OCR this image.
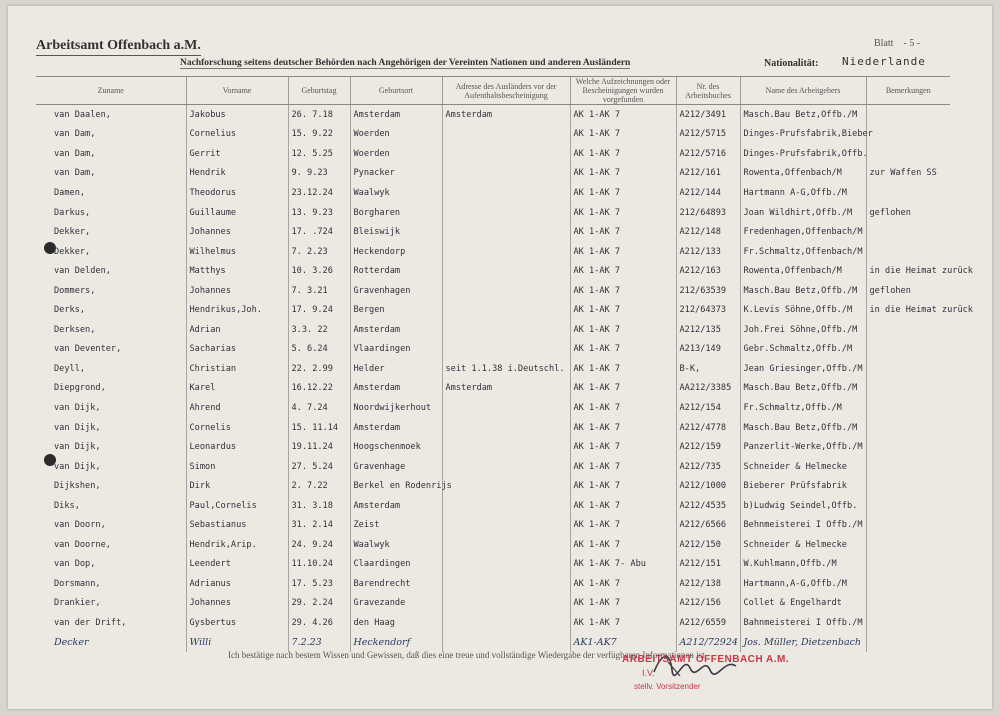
Arbeitsamt Offenbach a.M.
Nachforschung seitens deutscher Behörden nach Angehörigen der Vereinten Nationen und anderen Ausländern
Blatt - 5 -
Nationalität: Niederlande
Zuname	Vorname	Geburtstag	Geburtsort	Adresse des Ausländers vor der Aufenthaltsbescheinigung	Welche Aufzeichnungen oder Bescheinigungen wurden vorgefunden	Nr. des Arbeitsbuches	Name des Arbeitgebers	Bemerkungen
van Daalen,	Jakobus	26. 7.18	Amsterdam	Amsterdam	AK 1-AK 7	A212/3491	Masch.Bau Betz,Offb./M	
van Dam,	Cornelius	15. 9.22	Woerden		AK 1-AK 7	A212/5715	Dinges-Prufsfabrik,Bieber	
van Dam,	Gerrit	12. 5.25	Woerden		AK 1-AK 7	A212/5716	Dinges-Prufsfabrik,Offb.	
van Dam,	Hendrik	9. 9.23	Pynacker		AK 1-AK 7	A212/161	Rowenta,Offenbach/M	zur Waffen SS
Damen,	Theodorus	23.12.24	Waalwyk		AK 1-AK 7	A212/144	Hartmann A-G,Offb./M	
Darkus,	Guillaume	13. 9.23	Borgharen		AK 1-AK 7	212/64893	Joan Wildhirt,Offb./M	geflohen
Dekker,	Johannes	17. .724	Bleiswijk		AK 1-AK 7	A212/148	Fredenhagen,Offenbach/M	
Dekker,	Wilhelmus	7. 2.23	Heckendorp		AK 1-AK 7	A212/133	Fr.Schmaltz,Offenbach/M	
van Delden,	Matthys	10. 3.26	Rotterdam		AK 1-AK 7	A212/163	Rowenta,Offenbach/M	in die Heimat zurück
Dommers,	Johannes	7. 3.21	Gravenhagen		AK 1-AK 7	212/63539	Masch.Bau Betz,Offb./M	geflohen
Derks,	Hendrikus,Joh.	17. 9.24	Bergen		AK 1-AK 7	212/64373	K.Levis Söhne,Offb./M	in die Heimat zurück
Derksen,	Adrian	3.3. 22	Amsterdam		AK 1-AK 7	A212/135	Joh.Frei Söhne,Offb./M	
van Deventer,	Sacharias	5. 6.24	Vlaardingen		AK 1-AK 7	A213/149	Gebr.Schmaltz,Offb./M	
Deyll,	Christian	22. 2.99	Helder	seit 1.1.38 i.Deutschl.	AK 1-AK 7	B-K,	Jean Griesinger,Offb./M	
Diepgrond,	Karel	16.12.22	Amsterdam	Amsterdam	AK 1-AK 7	AA212/3385	Masch.Bau Betz,Offb./M	
van Dijk,	Ahrend	4. 7.24	Noordwijkerhout		AK 1-AK 7	A212/154	Fr.Schmaltz,Offb./M	
van Dijk,	Cornelis	15. 11.14	Amsterdam		AK 1-AK 7	A212/4778	Masch.Bau Betz,Offb./M	
van Dijk,	Leonardus	19.11.24	Hoogschenmoek		AK 1-AK 7	A212/159	Panzerlit-Werke,Offb./M	
van Dijk,	Simon	27. 5.24	Gravenhage		AK 1-AK 7	A212/735	Schneider & Helmecke	
Dijkshen,	Dirk	2. 7.22	Berkel en Rodenrijs		AK 1-AK 7	A212/1000	Bieberer Prüfsfabrik	
Diks,	Paul,Cornelis	31. 3.18	Amsterdam		AK 1-AK 7	A212/4535	b)Ludwig Seindel,Offb.	
van Doorn,	Sebastianus	31. 2.14	Zeist		AK 1-AK 7	A212/6566	Behnmeisterei I Offb./M	
van Doorne,	Hendrik,Arip.	24. 9.24	Waalwyk		AK 1-AK 7	A212/150	Schneider & Helmecke	
van Dop,	Leendert	11.10.24	Claardingen		AK 1-AK 7- Abu	A212/151	W.Kuhlmann,Offb./M	
Dorsmann,	Adrianus	17. 5.23	Barendrecht		AK 1-AK 7	A212/138	Hartmann,A-G,Offb./M	
Drankier,	Johannes	29. 2.24	Gravezande		AK 1-AK 7	A212/156	Collet & Engelhardt	
van der Drift,	Gysbertus	29. 4.26	den Haag		AK 1-AK 7	A212/6559	Bahnmeisterei I Offb./M	
Decker	Willi	7.2.23	Heckendorf		AK1-AK7	A212/72924	Jos. Müller, Dietzenbach	
Ich bestätige nach bestem Wissen und Gewissen, daß dies eine treue und vollständige Wiedergabe der verfügbaren Informationen ist.
ARBEITSAMT OFFENBACH A.M.
I.V.
stellv. Vorsitzender
